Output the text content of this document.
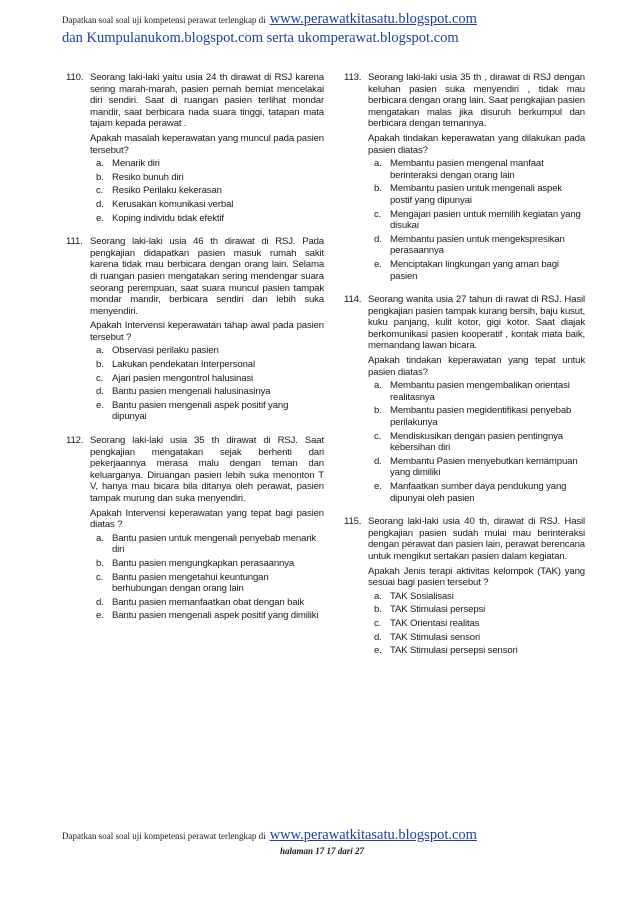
Dapatkan soal soal uji kompetensi perawat terlengkap di www.perawatkitasatu.blogspot.com
dan Kumpulanukom.blogspot.com serta ukomperawat.blogspot.com
110. Seorang laki-laki yaitu usia 24 th dirawat di RSJ karena sering marah-marah, pasien pernah berniat mencelakai diri sendiri. Saat di ruangan pasien terlihat mondar mandir, saat berbicara nada suara tinggi, tatapan mata tajam kepada perawat .

Apakah masalah keperawatan yang muncul pada pasien tersebut?

a. Menarik diri
b. Resiko bunuh diri
c. Resiko Perilaku kekerasan
d. Kerusakan komunikasi verbal
e. Koping individu tidak efektif
111. Seorang laki-laki usia 46 th dirawat di RSJ. Pada pengkajian didapatkan pasien masuk rumah sakit karena tidak mau berbicara dengan orang lain. Selama di ruangan pasien mengatakan sering mendengar suara seorang perempuan, saat suara muncul pasien tampak mondar mandir, berbicara sendiri dan lebih suka menyendiri.

Apakah Intervensi keperawatan tahap awal pada pasien tersebut ?

a. Observasi perilaku pasien
b. Lakukan pendekatan Interpersonal
c. Ajari pasien mengontrol halusinasi
d. Bantu pasien mengenali halusinasinya
e. Bantu pasien mengenali aspek positif yang dipunyai
112. Seorang laki-laki usia 35 th dirawat di RSJ. Saat pengkajian mengatakan sejak berhenti dari pekerjaannya merasa malu dengan teman dan keluarganya. Diruangan pasien lebih suka menonton T V, hanya mau bicara bila ditanya oleh perawat, pasien tampak murung dan suka menyendiri.

Apakah Intervensi keperawatan yang tepat bagi pasien diatas ?

a. Bantu pasien untuk mengenali penyebab menarik diri
b. Bantu pasien mengungkapkan perasaannya
c. Bantu pasien mengetahui keuntungan berhubungan dengan orang lain
d. Bantu pasien memanfaatkan obat dengan baik
e. Bantu pasien mengenali aspek positif yang dimiliki
113. Seorang laki-laki usia 35 th , dirawat di RSJ dengan keluhan pasien suka menyendiri , tidak mau berbicara dengan orang lain. Saat pengkajian pasien mengatakan malas jika disuruh berkumpul dan berbicara dengan temannya.

Apakah tindakan keperawatan yang dilakukan pada pasien diatas?

a. Membantu pasien mengenal manfaat berinteraksi dengan orang lain
b. Membantu pasien untuk mengenali aspek postif yang dipunyai
c. Mengajari pasien untuk memilih kegiatan yang disukai
d. Membantu pasien untuk mengekspresikan perasaannya
e. Menciptakan lingkungan yang aman bagi pasien
114. Seorang wanita usia 27 tahun di rawat di RSJ. Hasil pengkajian pasien tampak kurang bersih, baju kusut, kuku panjang, kulit kotor, gigi kotor. Saat diajak berkomunikasi pasien kooperatif , kontak mata baik, memandang lawan bicara.

Apakah tindakan keperawatan yang tepat untuk pasien diatas?

a. Membantu pasien mengembalikan orientasi realitasnya
b. Membantu pasien megidentifikasi penyebab perilakunya
c. Mendiskusikan dengan pasien pentingnya kebersihan diri
d. Membantu Pasien menyebutkan kemampuan yang dimiliki
e. Manfaatkan sumber daya pendukung yang dipunyai oleh pasien
115. Seorang laki-laki usia 40 th, dirawat di RSJ. Hasil pengkajian pasien sudah mulai mau berinteraksi dengan perawat dan pasien lain, perawat berencana untuk mengikut sertakan pasien dalam kegiatan.

Apakah Jenis terapi aktivitas kelompok (TAK) yang sesuai bagi pasien tersebut ?

a. TAK Sosialisasi
b. TAK Stimulasi persepsi
c. TAK Orientasi realitas
d. TAK Stimulasi sensori
e. TAK Stimulasi persepsi sensori
Dapatkan soal soal uji kompetensi perawat terlengkap di www.perawatkitasatu.blogspot.com
halaman 17 17 dari 27
